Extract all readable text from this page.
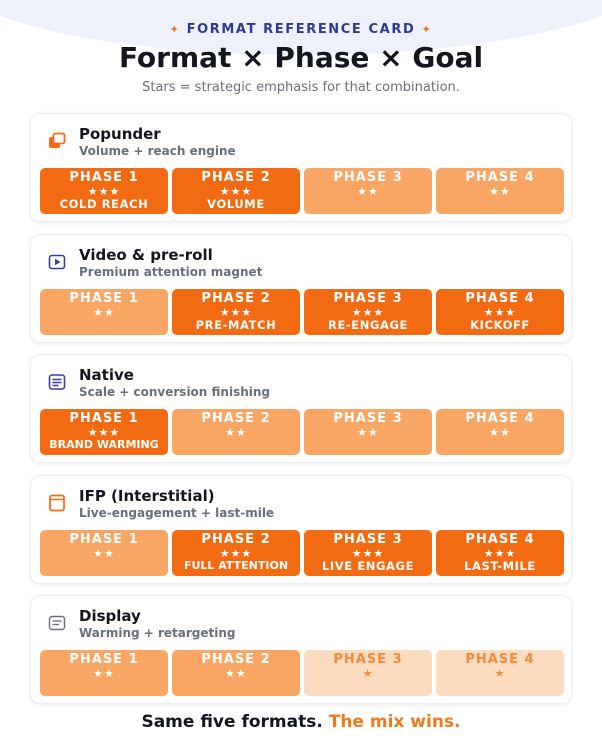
✦ FORMAT REFERENCE CARD ✦
Format × Phase × Goal
Stars = strategic emphasis for that combination.
Popunder
Volume + reach engine
PHASE 1
★★★
COLD REACH
PHASE 2
★★★
VOLUME
PHASE 3
★★
PHASE 4
★★
Video & pre-roll
Premium attention magnet
PHASE 1
★★
PHASE 2
★★★
PRE-MATCH
PHASE 3
★★★
RE-ENGAGE
PHASE 4
★★★
KICKOFF
Native
Scale + conversion finishing
PHASE 1
★★★
BRAND WARMING
PHASE 2
★★
PHASE 3
★★
PHASE 4
★★
IFP (Interstitial)
Live-engagement + last-mile
PHASE 1
★★
PHASE 2
★★★
FULL ATTENTION
PHASE 3
★★★
LIVE ENGAGE
PHASE 4
★★★
LAST-MILE
Display
Warming + retargeting
PHASE 1
★★
PHASE 2
★★
PHASE 3
★
PHASE 4
★
Same five formats. The mix wins.
